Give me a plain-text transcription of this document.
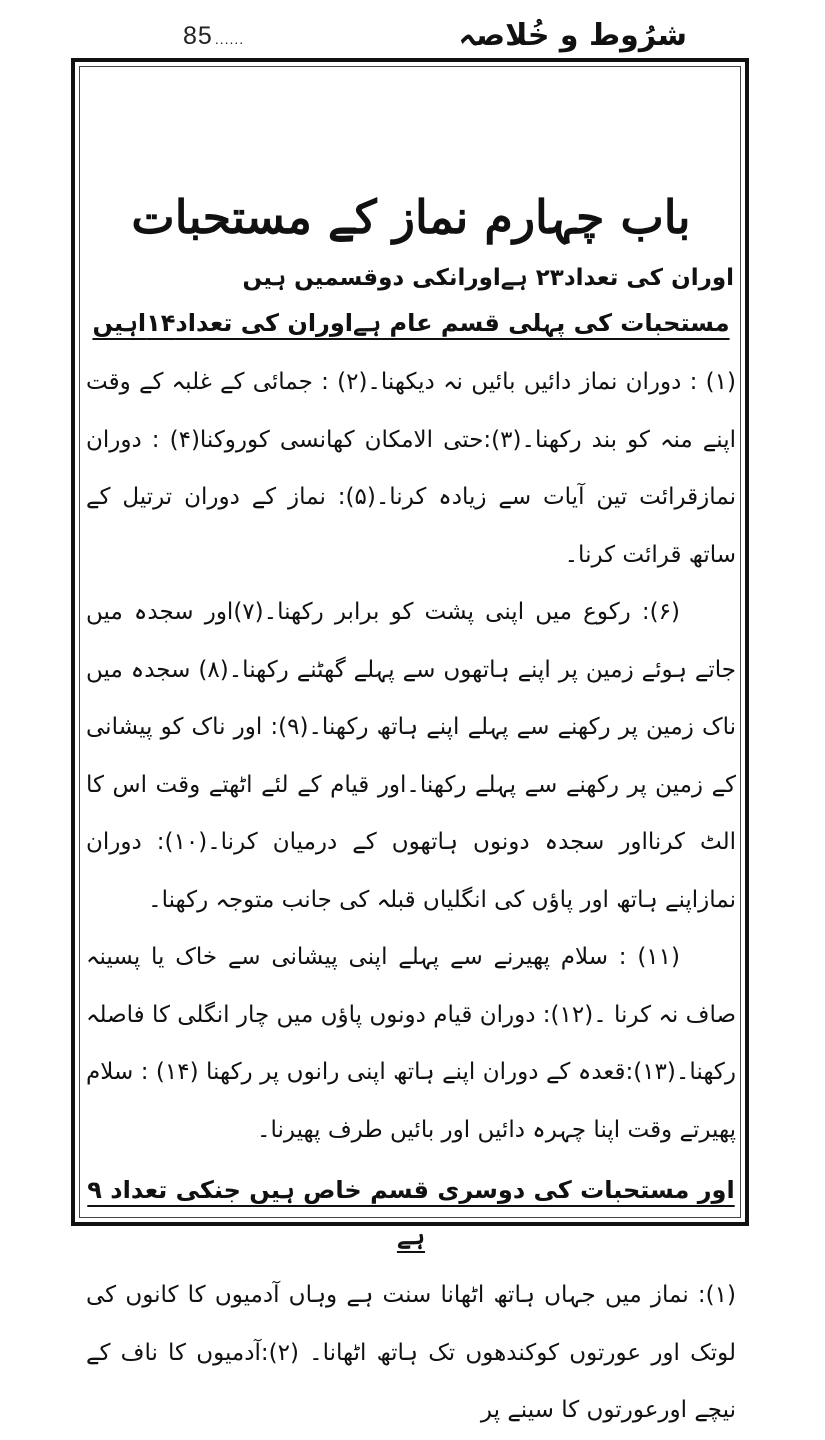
85 ......	شرُوط و خُلاصہ
باب چہارم نماز کے مستحبات

اوران کی تعداد۲۳ ہےاورانکی دوقسمیں ہیں

مستحبات کی پہلی قسم عام ہےاوران کی تعداد۱۴اہیں

(۱) : دوران نماز دائیں بائیں نہ دیکھنا۔(۲) : جمائی کے غلبہ کے وقت اپنے منہ کو بند رکھنا۔(۳):حتی الامکان کھانسی کوروکنا(۴) : دوران نمازقرائت تین آیات سے زیادہ کرنا۔(۵): نماز کے دوران ترتیل کے ساتھ قرائت کرنا۔

(۶): رکوع میں اپنی پشت کو برابر رکھنا۔(۷)اور سجدہ میں جاتے ہوئے زمین پر اپنے ہاتھوں سے پہلے گھٹنے رکھنا۔(۸) سجدہ میں ناک زمین پر رکھنے سے پہلے اپنے ہاتھ رکھنا۔(۹): اور ناک کو پیشانی کے زمین پر رکھنے سے پہلے رکھنا۔اور قیام کے لئے اٹھتے وقت اس کا الٹ کرنااور سجدہ دونوں ہاتھوں کے درمیان کرنا۔(۱۰): دوران نمازاپنے ہاتھ اور پاؤں کی انگلیاں قبلہ کی جانب متوجہ رکھنا۔

(۱۱) : سلام پھیرنے سے پہلے اپنی پیشانی سے خاک یا پسینہ صاف نہ کرنا ۔(۱۲): دوران قیام دونوں پاؤں میں چار انگلی کا فاصلہ رکھنا۔(۱۳):قعدہ کے دوران اپنے ہاتھ اپنی رانوں پر رکھنا (۱۴) : سلام پھیرتے وقت اپنا چہرہ دائیں اور بائیں طرف پھیرنا۔

اور مستحبات کی دوسری قسم خاص ہیں جنکی تعداد ۹ ہے

(۱): نماز میں جہاں ہاتھ اٹھانا سنت ہے وہاں آدمیوں کا کانوں کی لوتک اور عورتوں کوکندھوں تک ہاتھ اٹھانا۔ (۲):آدمیوں کا ناف کے نیچے اورعورتوں کا سینے پر
